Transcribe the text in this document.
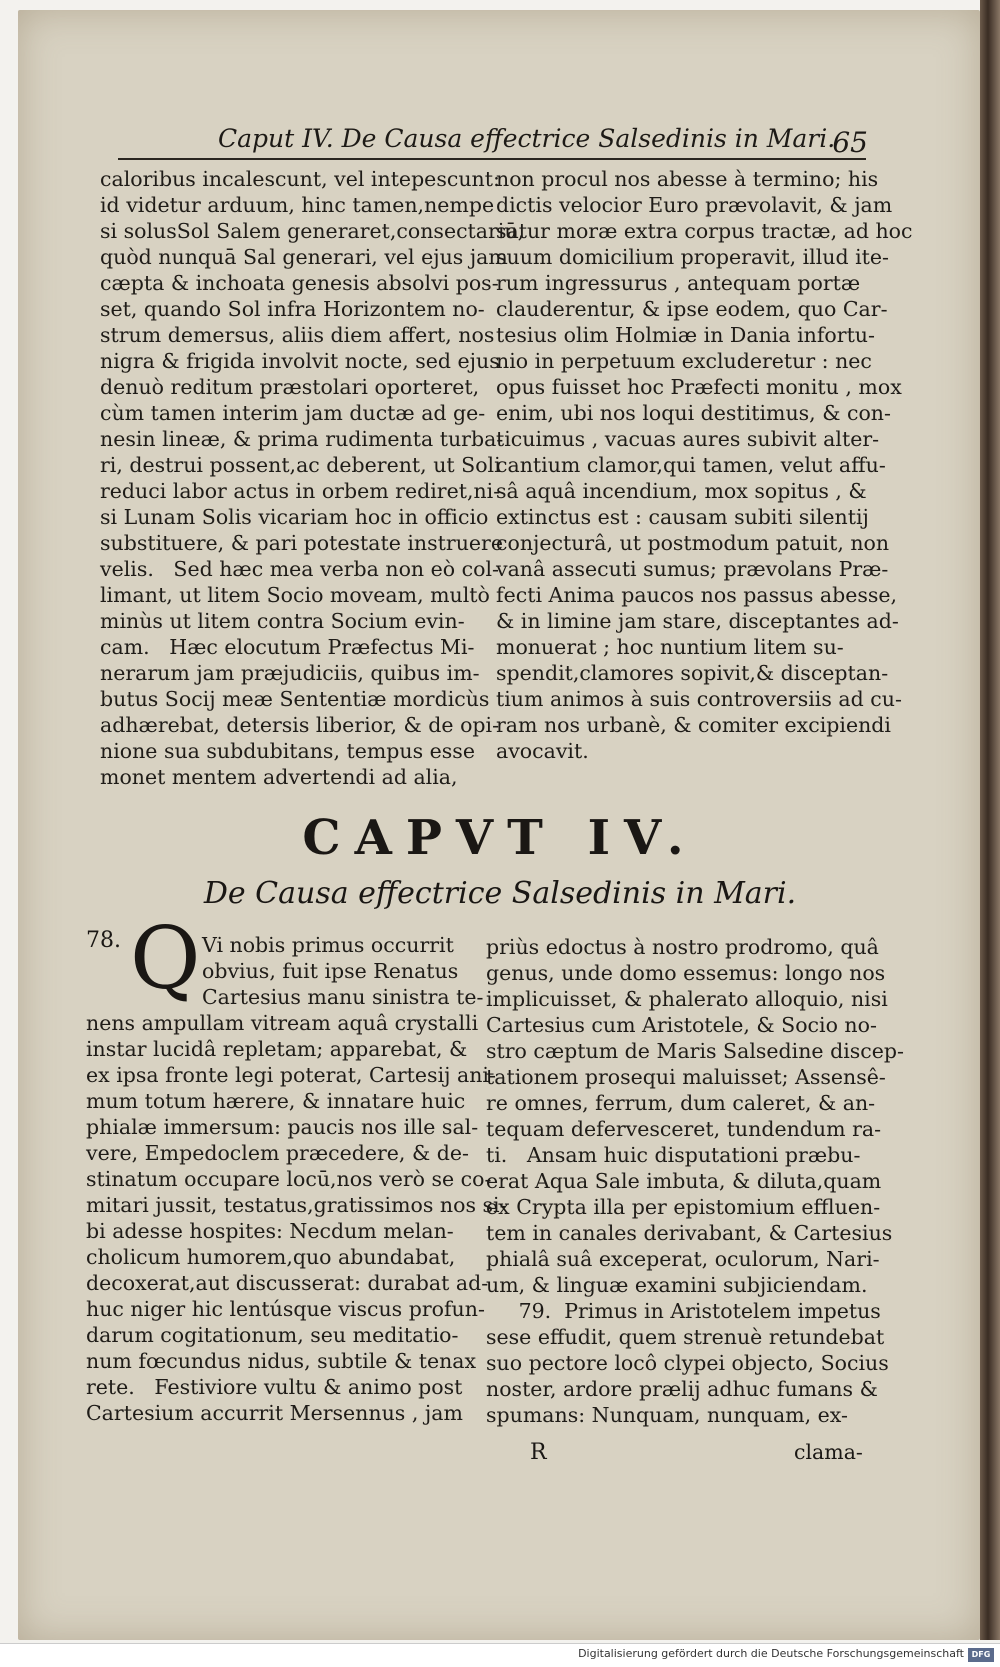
Caput IV. De Causa effectrice Salsedinis in Mari.
65
caloribus incalescunt, vel intepescunt:
id videtur arduum, hinc tamen,nempe
si solusSol Salem generaret,consectariū,
quòd nunquā Sal generari, vel ejus
cæpta & inchoata genesis absolvi pos-
set, quando Sol infra Horizontem no-
strum demersus, aliis diem affert, nos
nigra & frigida involvit nocte, sed
denuò reditum præstolari oporteret,
cùm tamen interim jam ductæ ad ge-
nesin lineæ, & prima rudimenta turba-
ri, destrui possent,ac deberent, ut
reduci labor actus in orbem rediret,ni-
si Lunam Solis vicariam hoc in officio
substituere, & pari potestate instruere
velis.   Sed hæc mea verba non eò
limant, ut litem Socio moveam, multò
minùs ut litem contra Socium evin-
cam.   Hæc elocutum Præfectus Mi-
nerarum jam præjudiciis, quibus im-
butus Socij meæ Sententiæ mordicùs
adhærebat, detersis liberior, & de
nione sua subdubitans, tempus esse
monet mentem advertendi ad alia,
non procul nos abesse à termino; his
dictis velocior Euro prævolavit, &
satur moræ extra corpus tractæ, ad
suum domicilium properavit, illud
rum ingressurus , antequam portæ
clauderentur, & ipse eodem, quo Car-
tesius olim Holmiæ in Dania infortu-
nio in perpetuum excluderetur : nec
opus fuisset hoc Præfecti monitu ,
enim, ubi nos loqui destitimus, & con-
ticuimus , vacuas aures subivit alter-
cantium clamor,qui tamen, velut affu-
sâ aquâ incendium, mox sopitus , &
extinctus est : causam subiti silentij
conjecturâ, ut postmodum patuit, non
vanâ assecuti sumus; prævolans Præ-
fecti Anima paucos nos passus abesse,
& in limine jam stare, disceptantes
monuerat ; hoc nuntium litem su-
spendit,clamores sopivit,& disceptan-
tium animos à suis controversiis ad
ram nos urbanè, & comiter excipiendi
avocavit.
CAPVT IV.
De Causa effectrice Salsedinis in Mari.
78. Q Vi nobis primus occurrit
obvius, fuit ipse Renatus
Cartesius manu sinistra
nens ampullam vitream aquâ crystalli
instar lucidâ repletam; apparebat, &
ex ipsa fronte legi poterat, Cartesij
mum totum hærere, & innatare huic
phialæ immersum: paucis nos ille sal-
vere, Empedoclem præcedere, & de-
stinatum occupare locū,nos verò se
mitari jussit, testatus,gratissimos nos
bi adesse hospites: Necdum melan-
cholicum humorem,quo abundabat,
decoxerat,aut discusserat: durabat
huc niger hic lentúsque viscus profun-
darum cogitationum, seu meditatio-
num fœcundus nidus, subtile & tenax
rete.   Festiviore vultu & animo post
Cartesium accurrit Mersennus , jam
priùs edoctus à nostro prodromo, quâ
genus, unde domo essemus: longo nos
implicuisset, & phalerato alloquio, nisi
Cartesius cum Aristotele, & Socio no-
stro cæptum de Maris Salsedine discep-
tationem prosequi maluisset; Assensê-
re omnes, ferrum, dum caleret, & an-
tequam defervesceret, tundendum ra-
ti.   Ansam huic disputationi præbu-
erat Aqua Sale imbuta, & diluta,quam
ex Crypta illa per epistomium effluen-
tem in canales derivabant, & Cartesius
phialâ suâ exceperat, oculorum, Nari-
um, & linguæ examini subjiciendam.
79.  Primus in Aristotelem impetus
sese effudit, quem strenuè retundebat
suo pectore locô clypei objecto, Socius
noster, ardore prælij adhuc fumans &
spumans: Nunquam, nunquam, ex-
R	clama-
Digitalisierung gefördert durch die Deutsche Forschungsgemeinschaft DFG
